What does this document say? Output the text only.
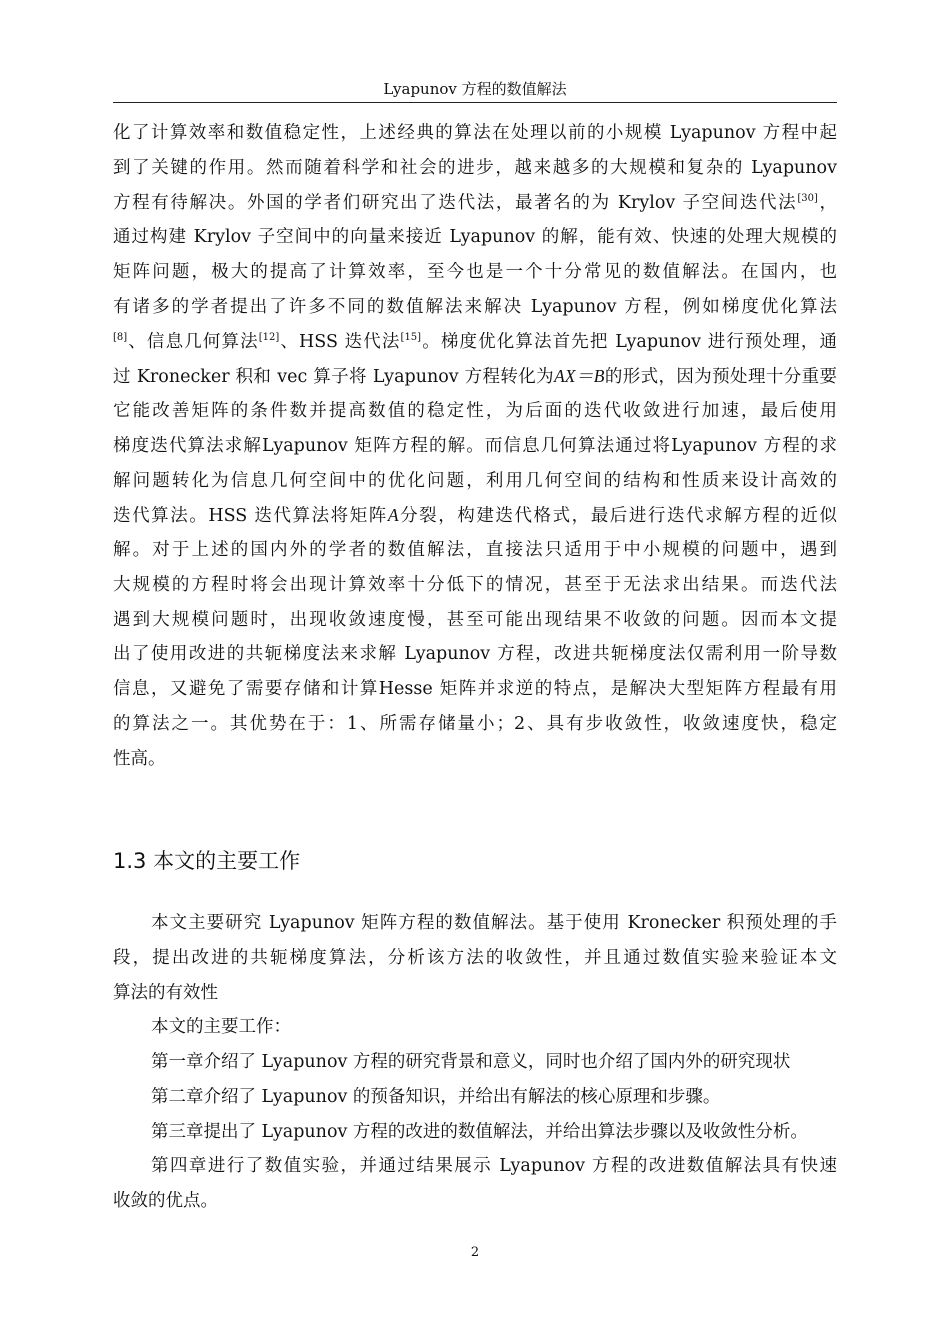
Lyapunov 方程的数值解法
化了计算效率和数值稳定性，上述经典的算法在处理以前的小规模 Lyapunov 方程中起
到了关键的作用。然而随着科学和社会的进步，越来越多的大规模和复杂的 Lyapunov
方程有待解决。外国的学者们研究出了迭代法，最著名的为 Krylov 子空间迭代法[30]，
通过构建 Krylov 子空间中的向量来接近 Lyapunov 的解，能有效、快速的处理大规模的
矩阵问题，极大的提高了计算效率，至今也是一个十分常见的数值解法。在国内，也
有诸多的学者提出了许多不同的数值解法来解决 Lyapunov 方程，例如梯度优化算法
[8]、信息几何算法[12]、HSS 迭代法[15]。梯度优化算法首先把 Lyapunov 进行预处理，通
过 Kronecker 积和 vec 算子将 Lyapunov 方程转化为AX＝B的形式，因为预处理十分重要
它能改善矩阵的条件数并提高数值的稳定性，为后面的迭代收敛进行加速，最后使用
梯度迭代算法求解Lyapunov 矩阵方程的解。而信息几何算法通过将Lyapunov 方程的求
解问题转化为信息几何空间中的优化问题，利用几何空间的结构和性质来设计高效的
迭代算法。HSS 迭代算法将矩阵A分裂，构建迭代格式，最后进行迭代求解方程的近似
解。对于上述的国内外的学者的数值解法，直接法只适用于中小规模的问题中，遇到
大规模的方程时将会出现计算效率十分低下的情况，甚至于无法求出结果。而迭代法
遇到大规模问题时，出现收敛速度慢，甚至可能出现结果不收敛的问题。因而本文提
出了使用改进的共轭梯度法来求解 Lyapunov 方程，改进共轭梯度法仅需利用一阶导数
信息，又避免了需要存储和计算Hesse 矩阵并求逆的特点，是解决大型矩阵方程最有用
的算法之一。其优势在于：1、所需存储量小；2、具有步收敛性，收敛速度快，稳定
性高。
1.3 本文的主要工作
本文主要研究 Lyapunov 矩阵方程的数值解法。基于使用 Kronecker 积预处理的手
段，提出改进的共轭梯度算法，分析该方法的收敛性，并且通过数值实验来验证本文
算法的有效性
本文的主要工作：
第一章介绍了 Lyapunov 方程的研究背景和意义，同时也介绍了国内外的研究现状
第二章介绍了 Lyapunov 的预备知识，并给出有解法的核心原理和步骤。
第三章提出了 Lyapunov 方程的改进的数值解法，并给出算法步骤以及收敛性分析。
第四章进行了数值实验，并通过结果展示 Lyapunov 方程的改进数值解法具有快速
收敛的优点。
2
